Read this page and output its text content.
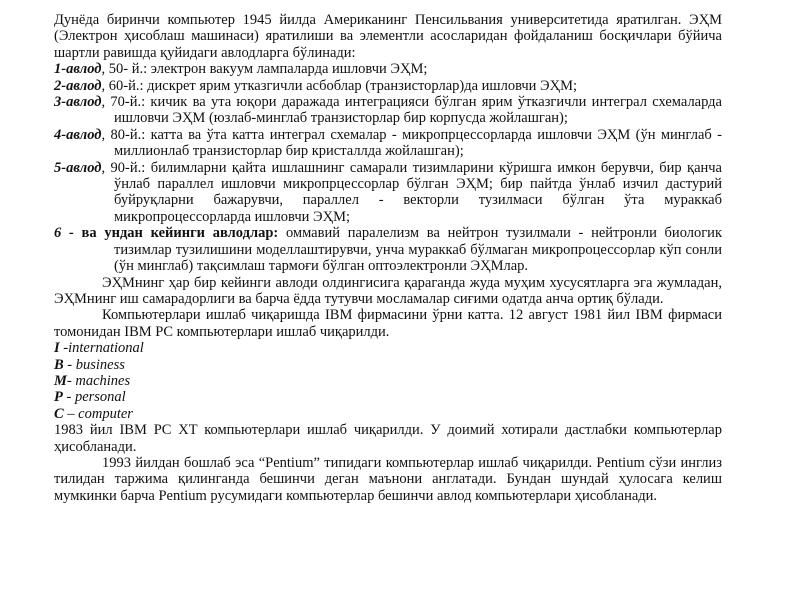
Дунёда биринчи компьютер 1945 йилда Американинг Пенсильвания университетида яратилган. ЭҲМ (Электрон ҳисоблаш машинаси) яратилиши ва элементли асосларидан фойдаланиш босқичлари бўйича шартли равишда қуйидаги авлодларга бўлинади:

1-авлод, 50- й.: электрон вакуум лампаларда ишловчи ЭҲМ;

2-авлод, 60-й.: дискрет ярим утказгичли асбоблар (транзисторлар)да ишловчи ЭҲМ;

3-авлод, 70-й.: кичик ва ута юқори даражада интеграцияси бўлган ярим ўтказгичли интеграл схемаларда ишловчи ЭҲМ (юзлаб-минглаб транзисторлар бир корпусда жойлашган);

4-авлод, 80-й.: катта ва ўта катта интеграл схемалар - микропрцессорларда ишловчи ЭҲМ (ўн минглаб - миллионлаб транзисторлар бир кристаллда жойлашган);

5-авлод, 90-й.: билимларни қайта ишлашнинг самарали тизимларини кўришга имкон берувчи, бир қанча ўнлаб параллел ишловчи микропрцессорлар бўлган ЭҲМ; бир пайтда ўнлаб изчил дастурий буйруқларни бажарувчи, параллел - векторли тузилмаси бўлган ўта мураккаб микропроцессорларда ишловчи ЭҲМ;

6 - ва ундан кейинги авлодлар: оммавий паралелизм ва нейтрон тузилмали - нейтронли биологик тизимлар тузилишини моделлаштирувчи, унча мураккаб бўлмаган микропроцессорлар кўп сонли (ўн минглаб) тақсимлаш тармоғи бўлган оптоэлектронли ЭҲМлар.

ЭҲМнинг ҳар бир кейинги авлоди олдингисига қараганда жуда муҳим хусусятларга эга жумладан, ЭҲМнинг иш самарадорлиги ва барча ёдда тутувчи мосламалар сиғими одатда анча ортиқ бўлади.

Компьютерлари ишлаб чиқаришда IBM фирмасини ўрни катта. 12 август 1981 йил IBM фирмаси томонидан IBM PC компьютерлари ишлаб чиқарилди.

I -international
B - business
M- machines
P - personal
C – computer

1983 йил IBM PC XT компьютерлари ишлаб чиқарилди. У доимий хотирали дастлабки компьютерлар ҳисобланади.

1993 йилдан бошлаб эса “Pentium” типидаги компьютерлар ишлаб чиқарилди. Pentium сўзи инглиз тилидан таржима қилинганда бешинчи деган маънони англатади. Бундан шундай ҳулосага келиш мумкинки барча Pentium русумидаги компьютерлар бешинчи авлод компьютерлари ҳисобланади.
